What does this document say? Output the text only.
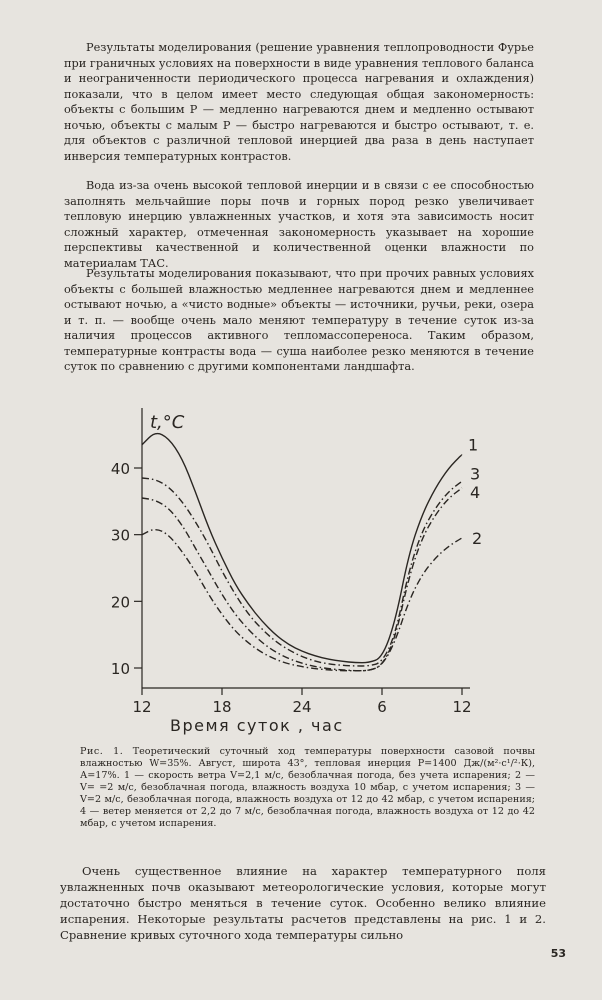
Результаты моделирования (решение уравнения теплопроводности Фурье при граничных условиях на поверхности в виде уравнения теплового баланса и неограниченности периодического процесса нагревания и охлаждения) показали, что в целом имеет место следующая общая закономерность: объекты с большим Р — медленно нагреваются днем и медленно остывают ночью, объекты с малым Р — быстро нагреваются и быстро остывают, т. е. для объектов с различной тепловой инерцией два раза в день наступает инверсия температурных контрастов.

Вода из-за очень высокой тепловой инерции и в связи с ее способностью заполнять мельчайшие поры почв и горных пород резко увеличивает тепловую инерцию увлажненных участков, и хотя эта зависимость носит сложный характер, отмеченная закономерность указывает на хорошие перспективы качественной и количественной оценки влажности по материалам ТАС.

Результаты моделирования показывают, что при прочих равных условиях объекты с большей влажностью медленнее нагреваются днем и медленнее остывают ночью, а «чисто водные» объекты — источники, ручьи, реки, озера и т. п. — вообще очень мало меняют температуру в течение суток из-за наличия процессов активного тепломассопереноса. Таким образом, температурные контрасты вода — суша наиболее резко меняются в течение суток по сравнению с другими компонентами ландшафта.

10
20
30
40
12	18	24	6	12
t,°C
Время суток , час
1
2
3
4
Рис. 1. Теоретический суточный ход температуры поверхности сазовой почвы влажностью W=35%. Август, широта 43°, тепловая инерция Р=1400 Дж/(м²·с¹/²·К), А=17%. 1 — скорость ветра V=2,1 м/с, безоблачная погода, без учета испарения; 2 — V= =2 м/с, безоблачная погода, влажность воздуха 10 мбар, с учетом испарения; 3 — V=2 м/с, безоблачная погода, влажность воздуха от 12 до 42 мбар, с учетом испарения; 4 — ветер меняется от 2,2 до 7 м/с, безоблачная погода, влажность воздуха от 12 до 42 мбар, с учетом испарения.

Очень существенное влияние на характер температурного поля увлажненных почв оказывают метеорологические условия, которые могут достаточно быстро меняться в течение суток. Особенно велико влияние испарения. Некоторые результаты расчетов представлены на рис. 1 и 2. Сравнение кривых суточного хода температуры сильно

53
